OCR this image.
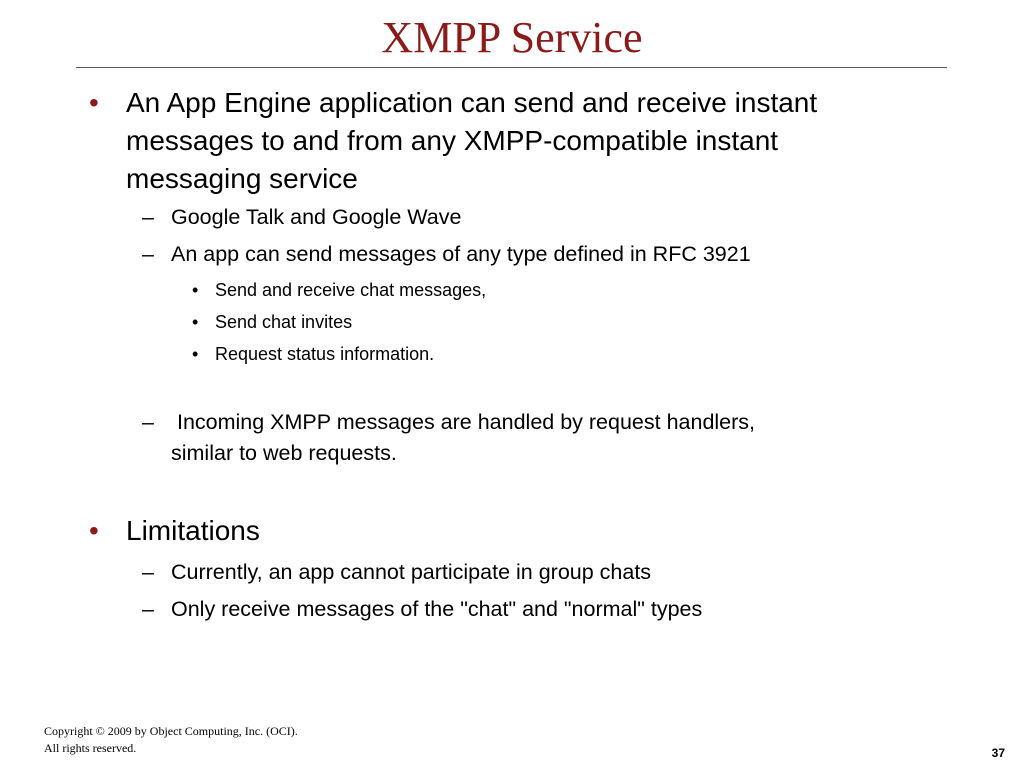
XMPP Service
• An App Engine application can send and receive instant
messages to and from any XMPP-compatible instant
messaging service
– Google Talk and Google Wave
– An app can send messages of any type defined in RFC 3921
• Send and receive chat messages,
• Send chat invites
• Request status information.
– Incoming XMPP messages are handled by request handlers,
similar to web requests.
• Limitations
– Currently, an app cannot participate in group chats
– Only receive messages of the "chat" and "normal" types
Copyright © 2009 by Object Computing, Inc. (OCI).
All rights reserved.	37
